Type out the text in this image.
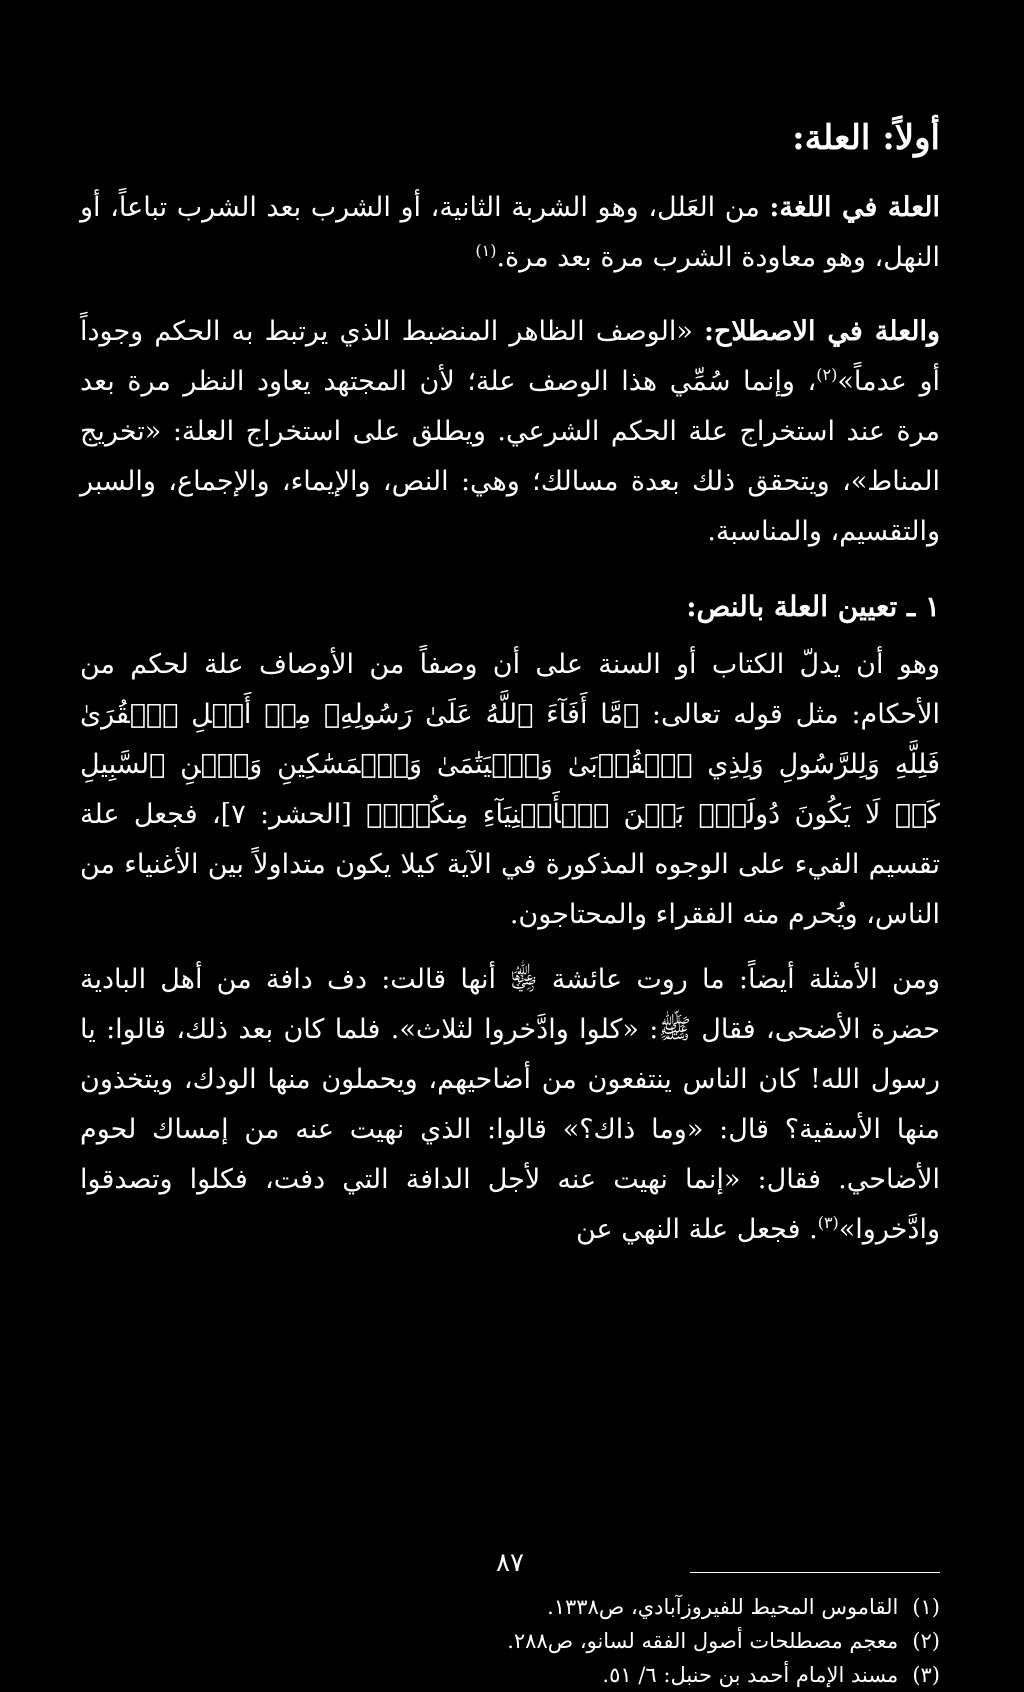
أولاً: العلة:

العلة في اللغة: من العَلل، وهو الشربة الثانية، أو الشرب بعد الشرب تباعاً، أو النهل، وهو معاودة الشرب مرة بعد مرة.$^{(١)}$

والعلة في الاصطلاح: «الوصف الظاهر المنضبط الذي يرتبط به الحكم وجوداً أو عدماً»$^{(٢)}$، وإنما سُمِّي هذا الوصف علة؛ لأن المجتهد يعاود النظر مرة بعد مرة عند استخراج علة الحكم الشرعي. ويطلق على استخراج العلة: «تخريج المناط»، ويتحقق ذلك بعدة مسالك؛ وهي: النص، والإيماء، والإجماع، والسبر والتقسيم، والمناسبة.

١ ـ تعيين العلة بالنص:

وهو أن يدلّ الكتاب أو السنة على أن وصفاً من الأوصاف علة لحكم من الأحكام: مثل قوله تعالى: ﴿مَّا أَفَآءَ ٱللَّهُ عَلَىٰ رَسُولِهِۦ مِنۡ أَهۡلِ ٱلۡقُرَىٰ فَلِلَّهِ وَلِلرَّسُولِ وَلِذِي ٱلۡقُرۡبَىٰ وَٱلۡيَتَٰمَىٰ وَٱلۡمَسَٰكِينِ وَٱبۡنِ ٱلسَّبِيلِ كَيۡ لَا يَكُونَ دُولَةَۢ بَيۡنَ ٱلۡأَغۡنِيَآءِ مِنكُمۡۚ﴾ [الحشر: ٧]، فجعل علة تقسيم الفيء على الوجوه المذكورة في الآية كيلا يكون متداولاً بين الأغنياء من الناس، ويُحرم منه الفقراء والمحتاجون.

ومن الأمثلة أيضاً: ما روت عائشة ﵂ أنها قالت: دف دافة من أهل البادية حضرة الأضحى، فقال ﷺ: «كلوا وادَّخروا لثلاث». فلما كان بعد ذلك، قالوا: يا رسول الله! كان الناس ينتفعون من أضاحيهم، ويحملون منها الودك، ويتخذون منها الأسقية؟ قال: «وما ذاك؟» قالوا: الذي نهيت عنه من إمساك لحوم الأضاحي. فقال: «إنما نهيت عنه لأجل الدافة التي دفت، فكلوا وتصدقوا وادَّخروا»$^{(٣)}$. فجعل علة النهي عن

(١)القاموس المحيط للفيروزآبادي، ص١٣٣٨.
(٢)معجم مصطلحات أصول الفقه لسانو، ص٢٨٨.
(٣)مسند الإمام أحمد بن حنبل: ٦/ ٥١.
٨٧
